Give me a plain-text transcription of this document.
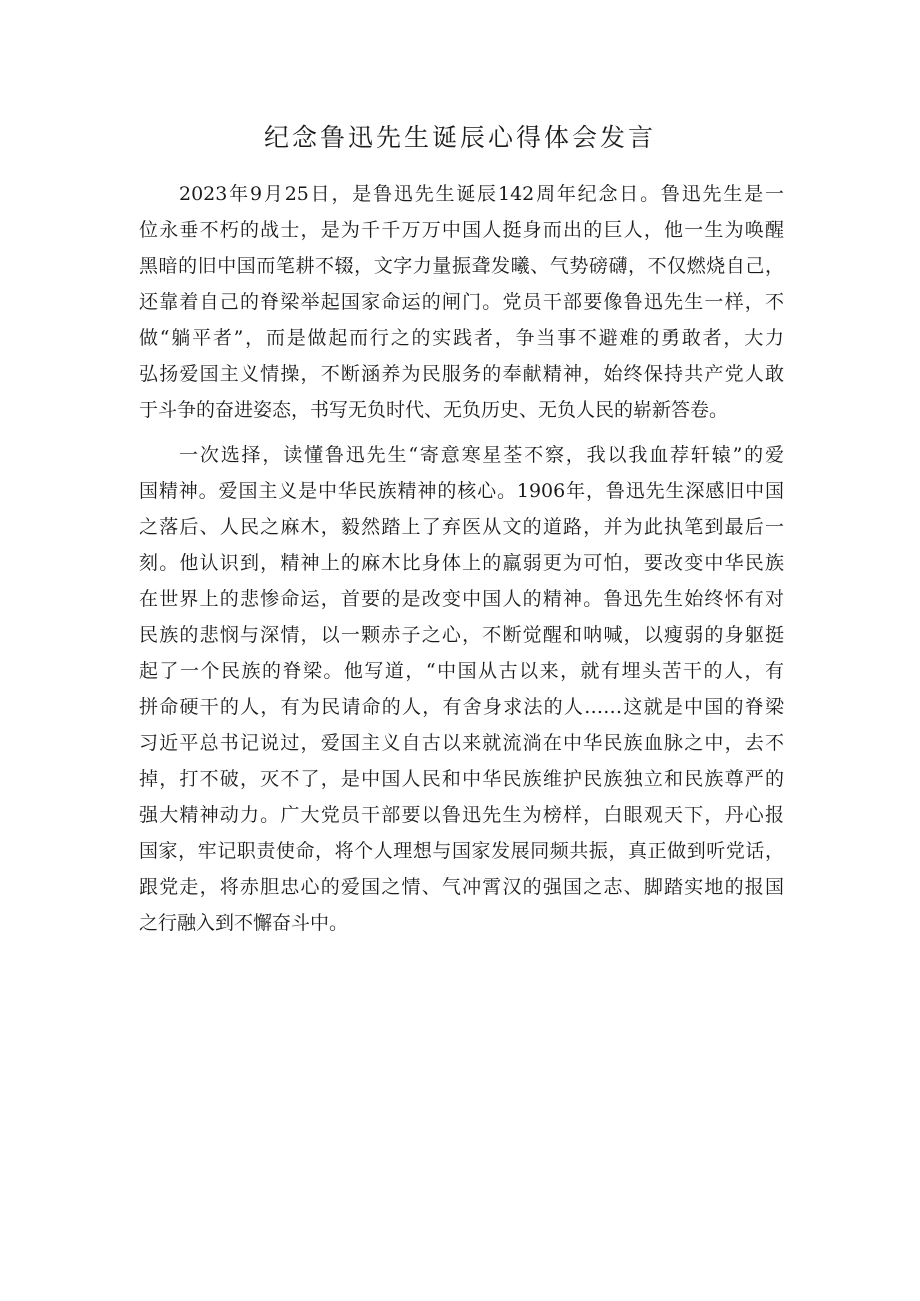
纪念鲁迅先生诞辰心得体会发言
2023年9月25日，是鲁迅先生诞辰142周年纪念日。鲁迅先生是一
位永垂不朽的战士，是为千千万万中国人挺身而出的巨人，他一生为唤醒
黑暗的旧中国而笔耕不辍，文字力量振聋发曦、气势磅礴，不仅燃烧自己，
还靠着自己的脊梁举起国家命运的闸门。党员干部要像鲁迅先生一样，不
做“躺平者”，而是做起而行之的实践者，争当事不避难的勇敢者，大力
弘扬爱国主义情操，不断涵养为民服务的奉献精神，始终保持共产党人敢
于斗争的奋进姿态，书写无负时代、无负历史、无负人民的崭新答卷。
一次选择，读懂鲁迅先生“寄意寒星荃不察，我以我血荐轩辕”的爱
国精神。爱国主义是中华民族精神的核心。1906年，鲁迅先生深感旧中国
之落后、人民之麻木，毅然踏上了弃医从文的道路，并为此执笔到最后一
刻。他认识到，精神上的麻木比身体上的羸弱更为可怕，要改变中华民族
在世界上的悲惨命运，首要的是改变中国人的精神。鲁迅先生始终怀有对
民族的悲悯与深情，以一颗赤子之心，不断觉醒和呐喊，以瘦弱的身躯挺
起了一个民族的脊梁。他写道，“中国从古以来，就有埋头苦干的人，有
拼命硬干的人，有为民请命的人，有舍身求法的人……这就是中国的脊梁
习近平总书记说过，爱国主义自古以来就流淌在中华民族血脉之中，去不
掉，打不破，灭不了，是中国人民和中华民族维护民族独立和民族尊严的
强大精神动力。广大党员干部要以鲁迅先生为榜样，白眼观天下，丹心报
国家，牢记职责使命，将个人理想与国家发展同频共振，真正做到听党话，
跟党走，将赤胆忠心的爱国之情、气冲霄汉的强国之志、脚踏实地的报国
之行融入到不懈奋斗中。
